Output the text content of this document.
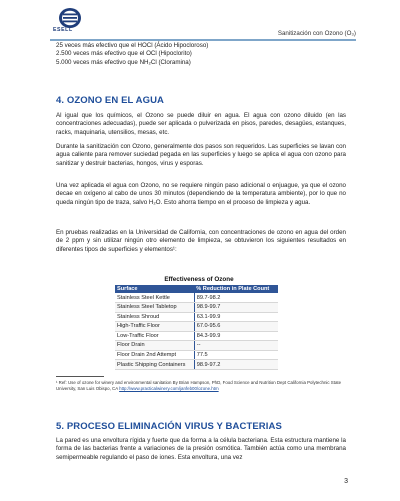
ESELL	Sanitización con Ozono (O₃)
25 veces más efectivo que el HOCl (Ácido Hipocloroso)
2.500 veces más efectivo que el OCl (Hipoclorito)
5.000 veces más efectivo que NH₂Cl (Cloramina)
4. OZONO EN EL AGUA

Al igual que los químicos, el Ozono se puede diluir en agua. El agua con ozono diluido (en las concentraciones adecuadas), puede ser aplicada o pulverizada en pisos, paredes, desagües, estanques, racks, maquinaria, utensilios, mesas, etc.

Durante la sanitización con Ozono, generalmente dos pasos son requeridos. Las superficies se lavan con agua caliente para remover suciedad pegada en las superficies y luego se aplica el agua con ozono para sanitizar y destruir bacterias, hongos, virus y esporas.

Una vez aplicada el agua con Ozono, no se requiere ningún paso adicional o enjuague, ya que el ozono decae en oxígeno al cabo de unos 30 minutos (dependiendo de la temperatura ambiente), por lo que no queda ningún tipo de traza, salvo H₂O. Esto ahorra tiempo en el proceso de limpieza y agua.

En pruebas realizadas en la Universidad de California, con concentraciones de ozono en agua del orden de 2 ppm y sin utilizar ningún otro elemento de limpieza, se obtuvieron los siguientes resultados en diferentes tipos de superficies y elementos¹:

Effectiveness of Ozone
Surface	% Reduction in Plate Count
Stainless Steel Kettle	89.7-98.2
Stainless Steel Tabletop	98.9-99.7
Stainless Shroud	63.1-99.9
High-Traffic Floor	67.0-95.6
Low-Traffic Floor	84.3-99.9
Floor Drain	--
Floor Drain 2nd Attempt	77.5
Plastic Shipping Containers	98.9-97.2
¹ Ref: Use of ozone for winery and environmental sanitation By Brian Hampson, PhD, Food Science and Nutrition Dept California Polytechnic State University, San Luis Obispo, CA http://www.practicalwinery.com/janfeb00/ozone.htm
5. PROCESO ELIMINACIÓN VIRUS Y BACTERIAS

La pared es una envoltura rígida y fuerte que da forma a la célula bacteriana. Esta estructura mantiene la forma de las bacterias frente a variaciones de la presión osmótica. También actúa como una membrana semipermeable regulando el paso de iones. Esta envoltura, una vez

3
